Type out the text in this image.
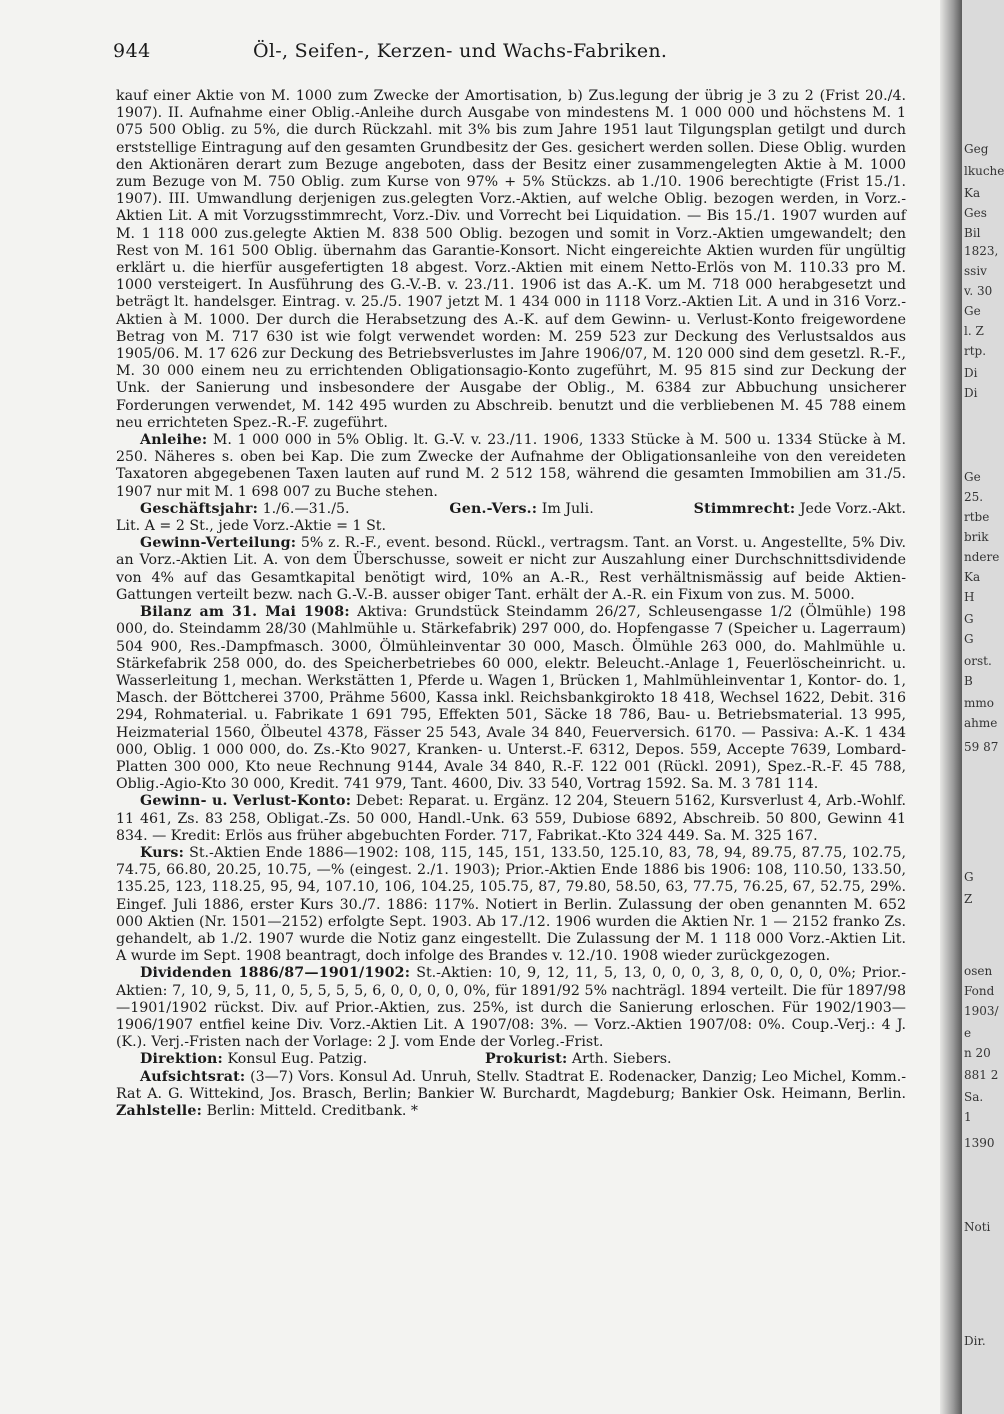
944	Öl-, Seifen-, Kerzen- und Wachs-Fabriken.

kauf einer Aktie von M. 1000 zum Zwecke der Amortisation, b) Zus.legung der übrig je 3 zu 2 (Frist 20./4. 1907). II. Aufnahme einer Oblig.-Anleihe durch Ausgabe von mindestens M. 1 000 000 und höchstens M. 1 075 500 Oblig. zu 5%, die durch Rückzahl. mit 3% bis zum Jahre 1951 laut Tilgungsplan getilgt und durch erststellige Eintragung auf den gesamten Grundbesitz der Ges. gesichert werden sollen. Diese Oblig. wurden den Aktionären derart zum Bezuge angeboten, dass der Besitz einer zusammengelegten Aktie à M. 1000 zum Bezuge von M. 750 Oblig. zum Kurse von 97% + 5% Stückzs. ab 1./10. 1906 berechtigte (Frist 15./1. 1907). III. Umwandlung derjenigen zus.gelegten Vorz.-Aktien, auf welche Oblig. bezogen werden, in Vorz.-Aktien Lit. A mit Vorzugsstimmrecht, Vorz.-Div. und Vorrecht bei Liquidation. — Bis 15./1. 1907 wurden auf M. 1 118 000 zus.gelegte Aktien M. 838 500 Oblig. bezogen und somit in Vorz.-Aktien umgewandelt; den Rest von M. 161 500 Oblig. übernahm das Garantie-Konsort. Nicht eingereichte Aktien wurden für ungültig erklärt u. die hierfür ausgefertigten 18 abgest. Vorz.-Aktien mit einem Netto-Erlös von M. 110.33 pro M. 1000 versteigert. In Ausführung des G.-V.-B. v. 23./11. 1906 ist das A.-K. um M. 718 000 herabgesetzt und beträgt lt. handelsger. Eintrag. v. 25./5. 1907 jetzt M. 1 434 000 in 1118 Vorz.-Aktien Lit. A und in 316 Vorz.-Aktien à M. 1000. Der durch die Herabsetzung des A.-K. auf dem Gewinn- u. Verlust-Konto freigewordene Betrag von M. 717 630 ist wie folgt verwendet worden: M. 259 523 zur Deckung des Verlustsaldos aus 1905/06. M. 17 626 zur Deckung des Betriebsverlustes im Jahre 1906/07, M. 120 000 sind dem gesetzl. R.-F., M. 30 000 einem neu zu errichtenden Obligationsagio-Konto zugeführt, M. 95 815 sind zur Deckung der Unk. der Sanierung und insbesondere der Ausgabe der Oblig., M. 6384 zur Abbuchung unsicherer Forderungen verwendet, M. 142 495 wurden zu Abschreib. benutzt und die verbliebenen M. 45 788 einem neu errichteten Spez.-R.-F. zugeführt.

Anleihe: M. 1 000 000 in 5% Oblig. lt. G.-V. v. 23./11. 1906, 1333 Stücke à M. 500 u. 1334 Stücke à M. 250. Näheres s. oben bei Kap. Die zum Zwecke der Aufnahme der Obligationsanleihe von den vereideten Taxatoren abgegebenen Taxen lauten auf rund M. 2 512 158, während die gesamten Immobilien am 31./5. 1907 nur mit M. 1 698 007 zu Buche stehen.

Geschäftsjahr: 1./6.—31./5.	Gen.-Vers.: Im Juli.	Stimmrecht: Jede Vorz.-Akt.

Lit. A = 2 St., jede Vorz.-Aktie = 1 St.

Gewinn-Verteilung: 5% z. R.-F., event. besond. Rückl., vertragsm. Tant. an Vorst. u. Angestellte, 5% Div. an Vorz.-Aktien Lit. A. von dem Überschusse, soweit er nicht zur Auszahlung einer Durchschnittsdividende von 4% auf das Gesamtkapital benötigt wird, 10% an A.-R., Rest verhältnismässig auf beide Aktien-Gattungen verteilt bezw. nach G.-V.-B. ausser obiger Tant. erhält der A.-R. ein Fixum von zus. M. 5000.

Bilanz am 31. Mai 1908: Aktiva: Grundstück Steindamm 26/27, Schleusengasse 1/2 (Ölmühle) 198 000, do. Steindamm 28/30 (Mahlmühle u. Stärkefabrik) 297 000, do. Hopfengasse 7 (Speicher u. Lagerraum) 504 900, Res.-Dampfmasch. 3000, Ölmühleinventar 30 000, Masch. Ölmühle 263 000, do. Mahlmühle u. Stärkefabrik 258 000, do. des Speicherbetriebes 60 000, elektr. Beleucht.-Anlage 1, Feuerlöscheinricht. u. Wasserleitung 1, mechan. Werkstätten 1, Pferde u. Wagen 1, Brücken 1, Mahlmühleinventar 1, Kontor- do. 1, Masch. der Böttcherei 3700, Prähme 5600, Kassa inkl. Reichsbankgirokto 18 418, Wechsel 1622, Debit. 316 294, Rohmaterial. u. Fabrikate 1 691 795, Effekten 501, Säcke 18 786, Bau- u. Betriebsmaterial. 13 995, Heizmaterial 1560, Ölbeutel 4378, Fässer 25 543, Avale 34 840, Feuerversich. 6170. — Passiva: A.-K. 1 434 000, Oblig. 1 000 000, do. Zs.-Kto 9027, Kranken- u. Unterst.-F. 6312, Depos. 559, Accepte 7639, Lombard-Platten 300 000, Kto neue Rechnung 9144, Avale 34 840, R.-F. 122 001 (Rückl. 2091), Spez.-R.-F. 45 788, Oblig.-Agio-Kto 30 000, Kredit. 741 979, Tant. 4600, Div. 33 540, Vortrag 1592. Sa. M. 3 781 114.

Gewinn- u. Verlust-Konto: Debet: Reparat. u. Ergänz. 12 204, Steuern 5162, Kursverlust 4, Arb.-Wohlf. 11 461, Zs. 83 258, Obligat.-Zs. 50 000, Handl.-Unk. 63 559, Dubiose 6892, Abschreib. 50 800, Gewinn 41 834. — Kredit: Erlös aus früher abgebuchten Forder. 717, Fabrikat.-Kto 324 449. Sa. M. 325 167.

Kurs: St.-Aktien Ende 1886—1902: 108, 115, 145, 151, 133.50, 125.10, 83, 78, 94, 89.75, 87.75, 102.75, 74.75, 66.80, 20.25, 10.75, —% (eingest. 2./1. 1903); Prior.-Aktien Ende 1886 bis 1906: 108, 110.50, 133.50, 135.25, 123, 118.25, 95, 94, 107.10, 106, 104.25, 105.75, 87, 79.80, 58.50, 63, 77.75, 76.25, 67, 52.75, 29%. Eingef. Juli 1886, erster Kurs 30./7. 1886: 117%. Notiert in Berlin. Zulassung der oben genannten M. 652 000 Aktien (Nr. 1501—2152) erfolgte Sept. 1903. Ab 17./12. 1906 wurden die Aktien Nr. 1 — 2152 franko Zs. gehandelt, ab 1./2. 1907 wurde die Notiz ganz eingestellt. Die Zulassung der M. 1 118 000 Vorz.-Aktien Lit. A wurde im Sept. 1908 beantragt, doch infolge des Brandes v. 12./10. 1908 wieder zurückgezogen.

Dividenden 1886/87—1901/1902: St.-Aktien: 10, 9, 12, 11, 5, 13, 0, 0, 0, 3, 8, 0, 0, 0, 0, 0%; Prior.-Aktien: 7, 10, 9, 5, 11, 0, 5, 5, 5, 5, 6, 0, 0, 0, 0, 0%, für 1891/92 5% nachträgl. 1894 verteilt. Die für 1897/98—1901/1902 rückst. Div. auf Prior.-Aktien, zus. 25%, ist durch die Sanierung erloschen. Für 1902/1903—1906/1907 entfiel keine Div. Vorz.-Aktien Lit. A 1907/08: 3%. — Vorz.-Aktien 1907/08: 0%. Coup.-Verj.: 4 J. (K.). Verj.-Fristen nach der Vorlage: 2 J. vom Ende der Vorleg.-Frist.

Direktion: Konsul Eug. Patzig.	Prokurist: Arth. Siebers.

Aufsichtsrat: (3—7) Vors. Konsul Ad. Unruh, Stellv. Stadtrat E. Rodenacker, Danzig; Leo Michel, Komm.-Rat A. G. Wittekind, Jos. Brasch, Berlin; Bankier W. Burchardt, Magdeburg; Bankier Osk. Heimann, Berlin. Zahlstelle: Berlin: Mitteld. Creditbank. *

Geg
lkuche
Ka
Ges
Bil
1823,
ssiv
v. 30
Ge
l. Z
rtp.
Di
Di
Ge
25.
rtbe
brik
ndere
Ka
H
G
G
orst.
B
mmo
ahme
59 87
G
Z
osen
Fond
1903/
e
n 20
881 2
Sa.
1
1390
Noti
Dir.
